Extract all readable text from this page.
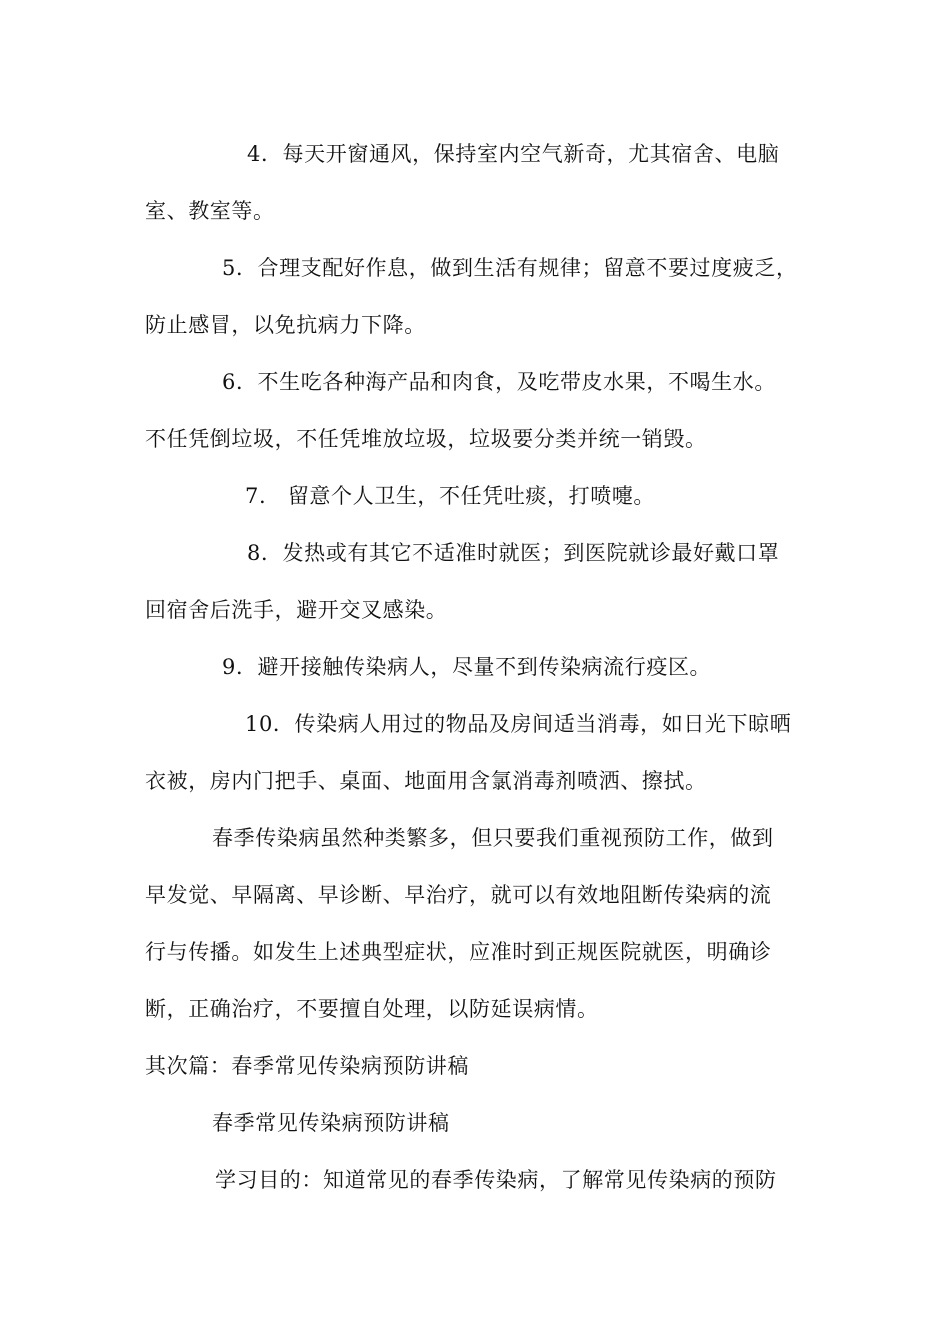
4．每天开窗通风，保持室内空气新奇，尤其宿舍、电脑
室、教室等。
5．合理支配好作息，做到生活有规律；留意不要过度疲乏，
防止感冒，以免抗病力下降。
6．不生吃各种海产品和肉食，及吃带皮水果，不喝生水。
不任凭倒垃圾，不任凭堆放垃圾，垃圾要分类并统一销毁。
7.　留意个人卫生，不任凭吐痰，打喷嚏。
8．发热或有其它不适准时就医；到医院就诊最好戴口罩
回宿舍后洗手，避开交叉感染。
9．避开接触传染病人，尽量不到传染病流行疫区。
10．传染病人用过的物品及房间适当消毒，如日光下晾晒
衣被，房内门把手、桌面、地面用含氯消毒剂喷洒、擦拭。
春季传染病虽然种类繁多，但只要我们重视预防工作，做到
早发觉、早隔离、早诊断、早治疗，就可以有效地阻断传染病的流
行与传播。如发生上述典型症状，应准时到正规医院就医，明确诊
断，正确治疗，不要擅自处理，以防延误病情。
其次篇：春季常见传染病预防讲稿
春季常见传染病预防讲稿
学习目的：知道常见的春季传染病，了解常见传染病的预防
